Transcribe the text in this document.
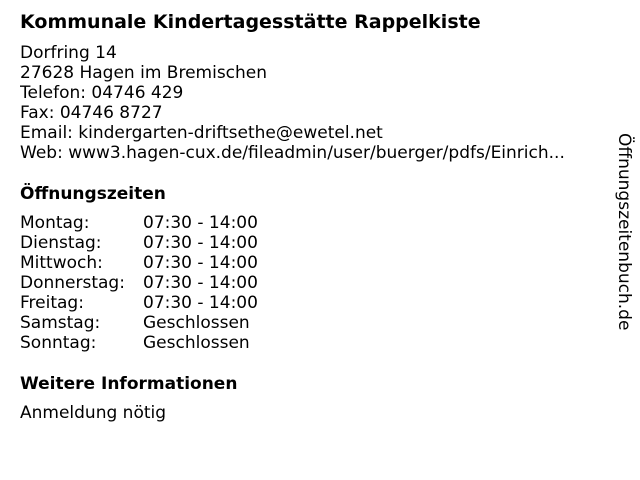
Kommunale Kindertagesstätte Rappelkiste
Dorfring 14
27628 Hagen im Bremischen
Telefon: 04746 429
Fax: 04746 8727
Email: kindergarten-driftsethe@ewetel.net
Web: www3.hagen-cux.de/fileadmin/user/buerger/pdfs/Einrich...
Öffnungszeiten
Montag:	07:30 - 14:00
Dienstag:	07:30 - 14:00
Mittwoch:	07:30 - 14:00
Donnerstag:	07:30 - 14:00
Freitag:	07:30 - 14:00
Samstag:	Geschlossen
Sonntag:	Geschlossen
Weitere Informationen
Anmeldung nötig
Öffnungszeitenbuch.de
